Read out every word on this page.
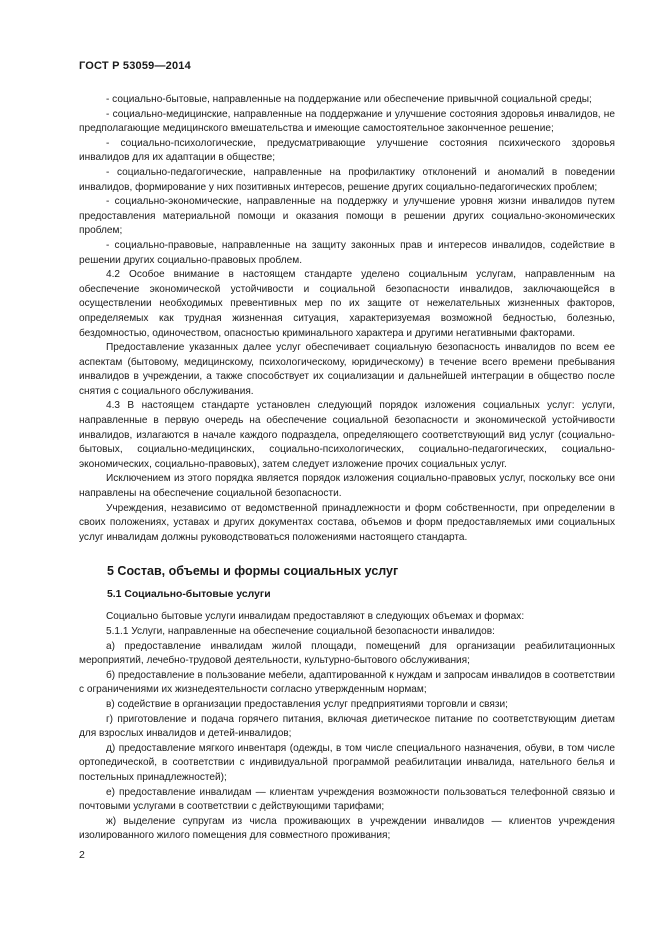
ГОСТ Р 53059—2014

- социально-бытовые, направленные на поддержание или обеспечение привычной социальной среды;

- социально-медицинские, направленные на поддержание и улучшение состояния здоровья инвалидов, не предполагающие медицинского вмешательства и имеющие самостоятельное законченное решение;

- социально-психологические, предусматривающие улучшение состояния психического здоровья инвалидов для их адаптации в обществе;

- социально-педагогические, направленные на профилактику отклонений и аномалий в поведении инвалидов, формирование у них позитивных интересов, решение других социально-педагогических проблем;

- социально-экономические, направленные на поддержку и улучшение уровня жизни инвалидов путем предоставления материальной помощи и оказания помощи в решении других социально-экономических проблем;

- социально-правовые, направленные на защиту законных прав и интересов инвалидов, содействие в решении других социально-правовых проблем.

4.2 Особое внимание в настоящем стандарте уделено социальным услугам, направленным на обеспечение экономической устойчивости и социальной безопасности инвалидов, заключающейся в осуществлении необходимых превентивных мер по их защите от нежелательных жизненных факторов, определяемых как трудная жизненная ситуация, характеризуемая возможной бедностью, болезнью, бездомностью, одиночеством, опасностью криминального характера и другими негативными факторами.

Предоставление указанных далее услуг обеспечивает социальную безопасность инвалидов по всем ее аспектам (бытовому, медицинскому, психологическому, юридическому) в течение всего времени пребывания инвалидов в учреждении, а также способствует их социализации и дальнейшей интеграции в общество после снятия с социального обслуживания.

4.3 В настоящем стандарте установлен следующий порядок изложения социальных услуг: услуги, направленные в первую очередь на обеспечение социальной безопасности и экономической устойчивости инвалидов, излагаются в начале каждого подраздела, определяющего соответствующий вид услуг (социально-бытовых, социально-медицинских, социально-психологических, социально-педагогических, социально-экономических, социально-правовых), затем следует изложение прочих социальных услуг.

Исключением из этого порядка является порядок изложения социально-правовых услуг, поскольку все они направлены на обеспечение социальной безопасности.

Учреждения, независимо от ведомственной принадлежности и форм собственности, при определении в своих положениях, уставах и других документах состава, объемов и форм предоставляемых ими социальных услуг инвалидам должны руководствоваться положениями настоящего стандарта.

5 Состав, объемы и формы социальных услуг
5.1 Социально-бытовые услуги

Социально бытовые услуги инвалидам предоставляют в следующих объемах и формах:

5.1.1 Услуги, направленные на обеспечение социальной безопасности инвалидов:

а) предоставление инвалидам жилой площади, помещений для организации реабилитационных мероприятий, лечебно-трудовой деятельности, культурно-бытового обслуживания;

б) предоставление в пользование мебели, адаптированной к нуждам и запросам инвалидов в соответствии с ограничениями их жизнедеятельности согласно утвержденным нормам;

в) содействие в организации предоставления услуг предприятиями торговли и связи;

г) приготовление и подача горячего питания, включая диетическое питание по соответствующим диетам для взрослых инвалидов и детей-инвалидов;

д) предоставление мягкого инвентаря (одежды, в том числе специального назначения, обуви, в том числе ортопедической, в соответствии с индивидуальной программой реабилитации инвалида, нательного белья и постельных принадлежностей);

е) предоставление инвалидам — клиентам учреждения возможности пользоваться телефонной связью и почтовыми услугами в соответствии с действующими тарифами;

ж) выделение супругам из числа проживающих в учреждении инвалидов — клиентов учреждения изолированного жилого помещения для совместного проживания;

2
